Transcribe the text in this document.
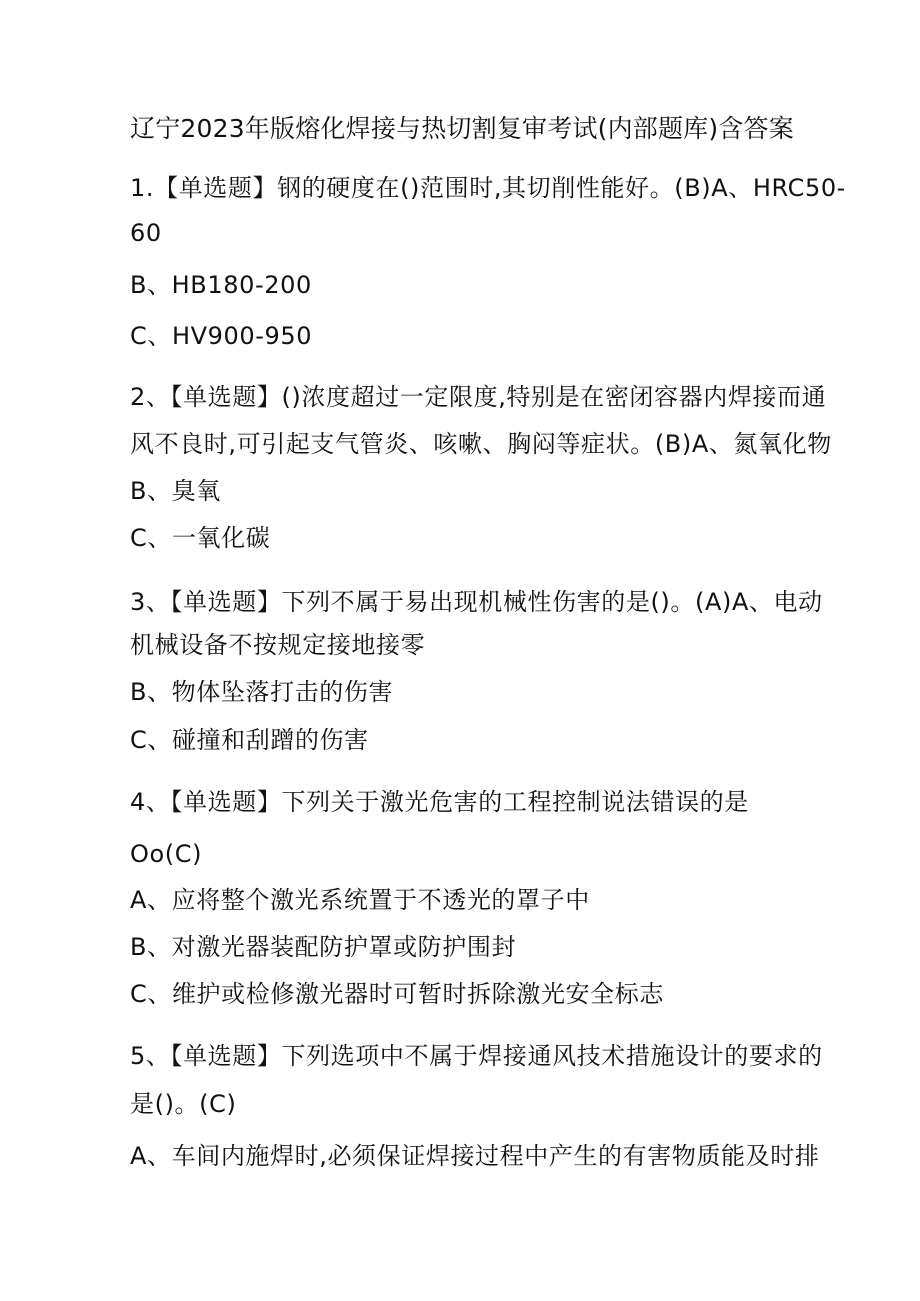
辽宁2023年版熔化焊接与热切割复审考试(内部题库)含答案
1.【单选题】钢的硬度在()范围时,其切削性能好。(B)A、HRC50-
60
B、HB180-200
C、HV900-950
2、【单选题】()浓度超过一定限度,特别是在密闭容器内焊接而通
风不良时,可引起支气管炎、咳嗽、胸闷等症状。(B)A、氮氧化物
B、臭氧
C、一氧化碳
3、【单选题】下列不属于易出现机械性伤害的是()。(A)A、电动
机械设备不按规定接地接零
B、物体坠落打击的伤害
C、碰撞和刮蹭的伤害
4、【单选题】下列关于激光危害的工程控制说法错误的是
Oo(C)
A、应将整个激光系统置于不透光的罩子中
B、对激光器装配防护罩或防护围封
C、维护或检修激光器时可暂时拆除激光安全标志
5、【单选题】下列选项中不属于焊接通风技术措施设计的要求的
是()。(C)
A、车间内施焊时,必须保证焊接过程中产生的有害物质能及时排
